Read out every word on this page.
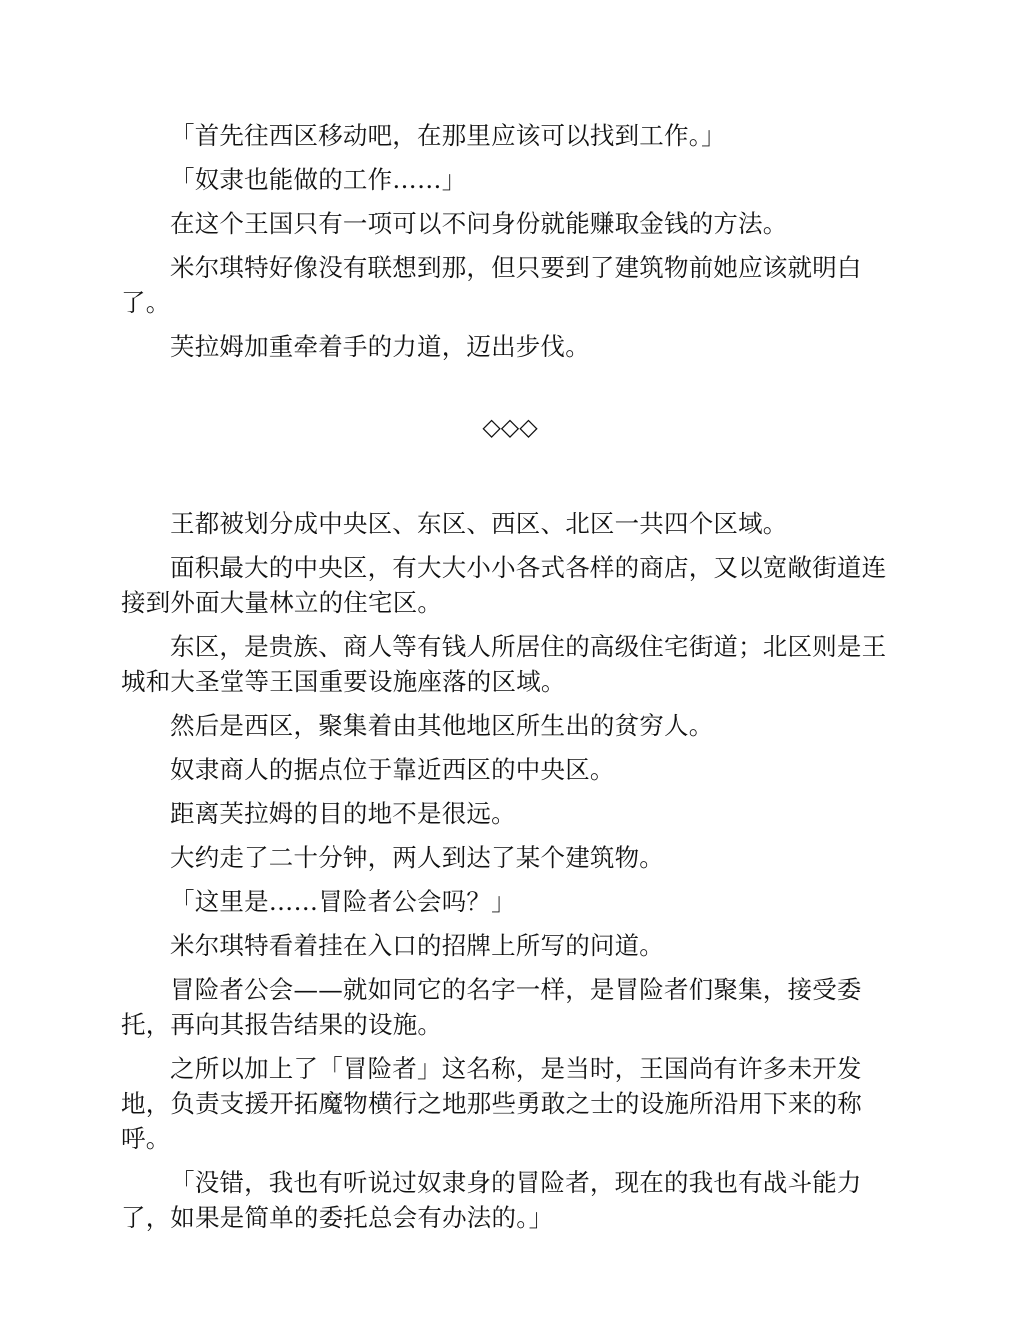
「首先往西区移动吧，在那里应该可以找到工作。」

「奴隶也能做的工作……」

在这个王国只有一项可以不问身份就能赚取金钱的方法。

米尔琪特好像没有联想到那，但只要到了建筑物前她应该就明白了。

芙拉姆加重牵着手的力道，迈出步伐。

◇◇◇

王都被划分成中央区、东区、西区、北区一共四个区域。

面积最大的中央区，有大大小小各式各样的商店，又以宽敞街道连接到外面大量林立的住宅区。

东区，是贵族、商人等有钱人所居住的高级住宅街道；北区则是王城和大圣堂等王国重要设施座落的区域。

然后是西区，聚集着由其他地区所生出的贫穷人。

奴隶商人的据点位于靠近西区的中央区。

距离芙拉姆的目的地不是很远。

大约走了二十分钟，两人到达了某个建筑物。

「这里是……冒险者公会吗？」

米尔琪特看着挂在入口的招牌上所写的问道。

冒险者公会——就如同它的名字一样，是冒险者们聚集，接受委托，再向其报告结果的设施。

之所以加上了「冒险者」这名称，是当时，王国尚有许多未开发地，负责支援开拓魔物横行之地那些勇敢之士的设施所沿用下来的称呼。

「没错，我也有听说过奴隶身的冒险者，现在的我也有战斗能力了，如果是简单的委托总会有办法的。」
